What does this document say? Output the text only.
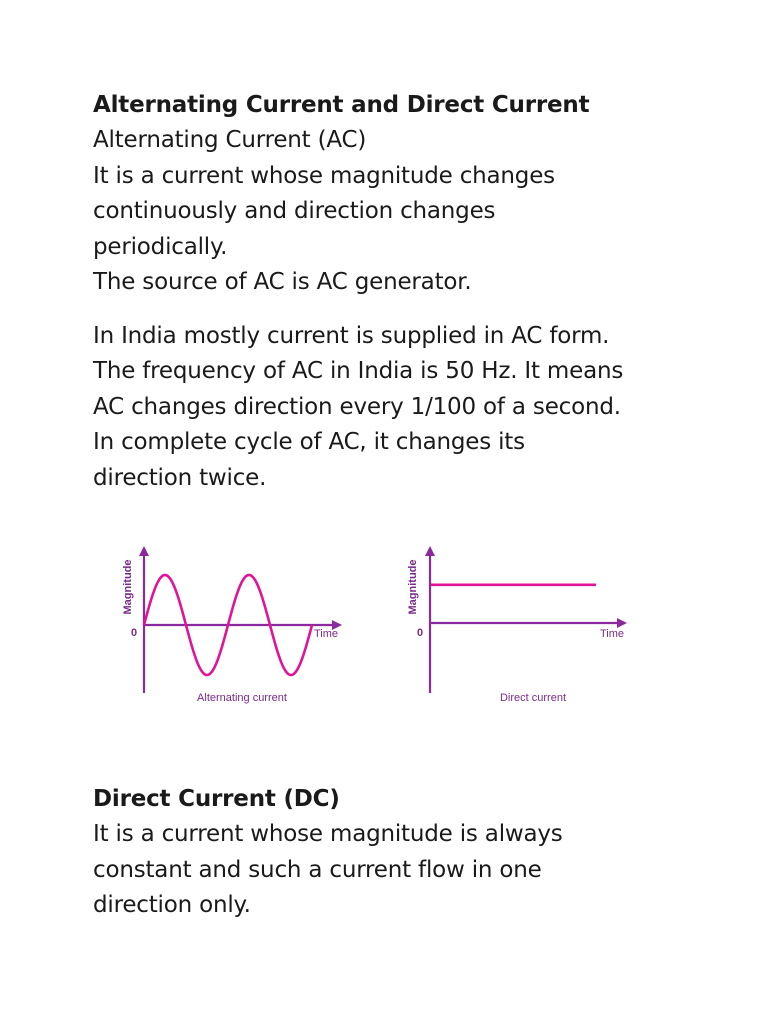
Alternating Current and Direct Current

Alternating Current (AC)

It is a current whose magnitude changes

continuously and direction changes

periodically.

The source of AC is AC generator.

In India mostly current is supplied in AC form.

The frequency of AC in India is 50 Hz. It means

AC changes direction every 1/100 of a second.

In complete cycle of AC, it changes its

direction twice.

Magnitude
0	Time
Alternating current
Magnitude
0	Time
Direct current
Direct Current (DC)

It is a current whose magnitude is always

constant and such a current flow in one

direction only.
